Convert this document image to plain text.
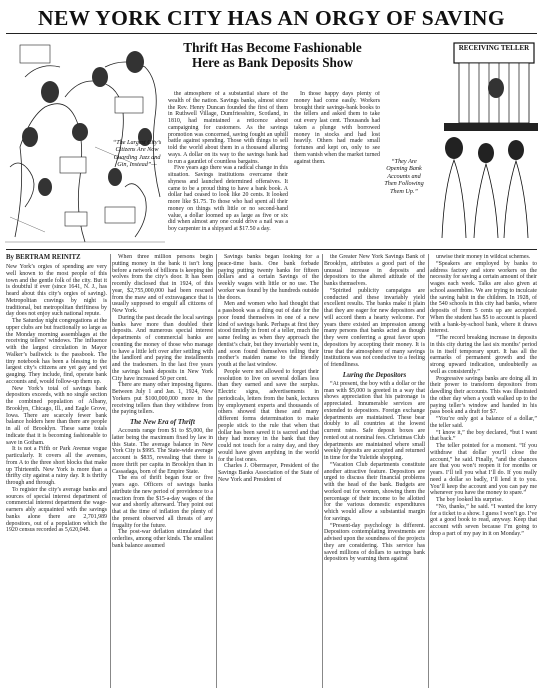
NEW YORK CITY HAS AN ORGY OF SAVING
“The Largest City’s Citizens Are Now Guarding Jazz and Gin, Instead”—
Thrift Has Become Fashionable
Here as Bank Deposits Show
RECEIVING TELLER
“They Are Opening Bank Accounts and Then Following Them Up.”

the atmosphere of a substantial share of the wealth of the nation. Savings banks, almost since the Rev. Henry Duncan founded the first of them in Ruthwell Village, Dumfriesshire, Scotland, in 1810, had maintained a reticence about campaigning for customers. As the savings promotion was concerned, saving fought an uphill battle against spending. Those with things to sell told the world about them in a thousand alluring ways. A dollar on its way to the savings bank had to run a gauntlet of countless bargains.

Five years ago there was a radical change in this situation. Savings institutions overcame their shyness and launched determined offensives. It came to be a proud thing to have a bank book. A dollar had ceased to look like 20 cents. It looked more like $1.75. To those who had spent all their money on things with little or no second-hand value, a dollar loomed up as large as five or six did when almost any one could drive a nail was a boy carpenter in a shipyard at $17.50 a day.

In those happy days plenty of money had come easily. Workers brought their savings-bank books to the tellers and asked them to take out every last cent. Thousands had taken a plunge with borrowed money in stocks and had lost heavily. Others had made small fortunes and kept on, only to see them vanish when the market turned against them.

By BERTRAM REINITZ

New York’s orgies of spending are very well known to the most people of this town and the gentle folk of the city. But it is doubtful if ever (since 1641, N. J., has heard about this city’s orgies of saving). Metropolitan cravings by night is traditional, but metropolitan thriftiness by day does not enjoy such national repute.

The Saturday night congregations at the upper clubs are but fractionally so large as the Monday morning assemblages at the receiving tellers’ windows. The influence with the largest circulation in Mayor Walker’s bailiwick is the passbook. The tiny notebook has been a blessing to the largest city’s citizens are yet gay and yet gauging. They include, find, operate bank accounts and, would follow-up them up.

New York’s total of savings bank depositors exceeds, with no single section the combined population of Albany, Brooklyn, Chicago, Ill., and Eagle Grove, Iowa. There are scarcely fewer bank balance holders here than there are people in all of Brooklyn. These same totals indicate that it is becoming fashionable to save in Gotham.

It is not a Fifth or Park Avenue vogue particularly. It covers all the avenues, from A to the three short blocks that make up Thirteenth. New York is more than a thrifty city against a rainy day. It is thrifty through and through.

To register the city’s average banks and sources of special interest department of commercial interest department the wage-earners ably acquainted with the savings banks alone there are 2,701,989 depositors, out of a population which the 1920 census recorded as 5,620,048.

When three million persons begin putting money in the bank it isn’t long before a network of billions is keeping the wolves from the city’s door. It has been recently disclosed that in 1924, of this year, $2,755,000,000 had been rescued from the maw and of extravagance that is usually supposed to engulf all citizens of New York.

During the past decade the local savings banks have more than doubled their deposits. And numerous special interest departments of commercial banks are counting the money of those who manage to have a little left over after settling with the landlord and paying the installments and the tradesmen. In the last five years the savings bank deposits in New York City have increased 50 per cent.

There are many other imposing figures. Between July 1 and Jan. 1, 1924, New Yorkers put $100,000,000 more in the receiving tellers than they withdrew from the paying tellers.

The New Era of Thrift

Accounts range from $1 to $5,000, the latter being the maximum fixed by law in this State. The average balance in New York City is $995. The State-wide average account is $835, revealing that there is more thrift per capita in Brooklyn than in Cassadaga, born of the Empire State.

The era of thrift began four or five years ago. Officers of savings banks attribute the new period of providence to a reaction from the $15-a-day wages of the war and shortly afterward. They point out that at the time of inflation the plenty of the present observed all threats of any frugality for the future.

The post-war deflation stimulated that orderlies, among other kinds. The smallest bank balance assumed

Savings banks began looking for a peace-time basis. One bank forbade paying putting twenty banks for fifteen dollars and a certain Savings of the weekly wages with little or no use. The worker was found by the hundreds outside the doors.

Men and women who had thought that a passbook was a thing out of date for the poor found themselves in one of a new kind of savings bank. Perhaps at first they stood timidly in front of a teller, much the same feeling as when they approach the dentist’s chair, but they invariably went in, and soon found themselves telling their mother’s maiden name to the friendly youth at the last window.

People were not allowed to forget their resolution to live on several dollars less than they earned and save the surplus. Electric signs, advertisements in periodicals, letters from the bank, lectures by employment experts and thousands of others showed that these and many different forms determination to make people stick to the rule that when that dollar has been saved it is sacred and that they had money in the bank that they could not touch for a rainy day, and they would have given anything in the world for the lost ones.

Charles J. Obermayer, President of the Savings Banks Association of the State of New York and President of

the Greater New York Savings Bank of Brooklyn, attributes a good part of the unusual increase in deposits and depositors to the altered attitude of the banks themselves.

“Spirited publicity campaigns are conducted and these invariably yield excellent results. The banks make it plain that they are eager for new depositors and will accord them a hearty welcome. For years there existed an impression among many persons that banks acted as though they were conferring a great favor upon depositors by accepting their money. It is true that the atmosphere of many savings institutions was not conducive to a feeling of friendliness.

Luring the Depositors

“At present, the boy with a dollar or the man with $5,000 is greeted in a way that shows appreciation that his patronage is appreciated. Innumerable services are extended to depositors. Foreign exchange departments are maintained. These bear doubly to all countries at the lowest current rates. Safe deposit boxes are rented out at nominal fees. Christmas Club departments are maintained where small weekly deposits are accepted and returned in time for the Yuletide shopping.

“Vacation Club departments constitute another attractive feature. Depositors are urged to discuss their financial problems with the head of the bank. Budgets are worked out for women, showing them the percentage of their income to be allotted for the various domestic expenditures which would allow a substantial margin for savings.

“Present-day psychology is different. Depositors contemplating investments are advised upon the soundness of the projects they are considering. This service has saved millions of dollars to savings bank depositors by warning them against

unwise their money in wildcat schemes.

“Speakers are employed by banks to address factory and store workers on the necessity for saving a certain amount of their wages each week. Talks are also given at school assemblies. We are trying to inculcate the saving habit in the children. In 1928, of the 540 schools in this city had banks, where deposits of from 5 cents up are accepted. When the student has $5 to account is placed with a bank-by-school bank, where it draws interest.

“The record breaking increase in deposits in this city during the last six months’ period is in itself temporary spurt. It has all the earmarks of permanent growth and the strong upward indication, undoubtedly as well as consistently.”

Progressive savings banks are doing all in their power to transform depositors from dawdling their accounts. This was illustrated the other day when a youth walked up to the paying teller’s window and handed in his pass book and a draft for $7.

“You’re only got a balance of a dollar,” the teller said.

“I know it,” the boy declared, “but I want that back.”

The teller pointed for a moment. “If you withdraw that dollar you’ll close the account,” he said. Finally, “and the chances are that you won’t reopen it for months or years. I’ll tell you what I’ll do. If you really need a dollar so badly, I’ll lend it to you. You’ll keep the account and you can pay me whenever you have the money to spare.”

The boy looked his surprise.

“No, thanks,” he said. “I wanted the lorry for a ticket to a show. I guess I won’t go. I’ve got a good book to read, anyway. Keep that account with seven because I’m going to drop a part of my pay in it on Monday.”
